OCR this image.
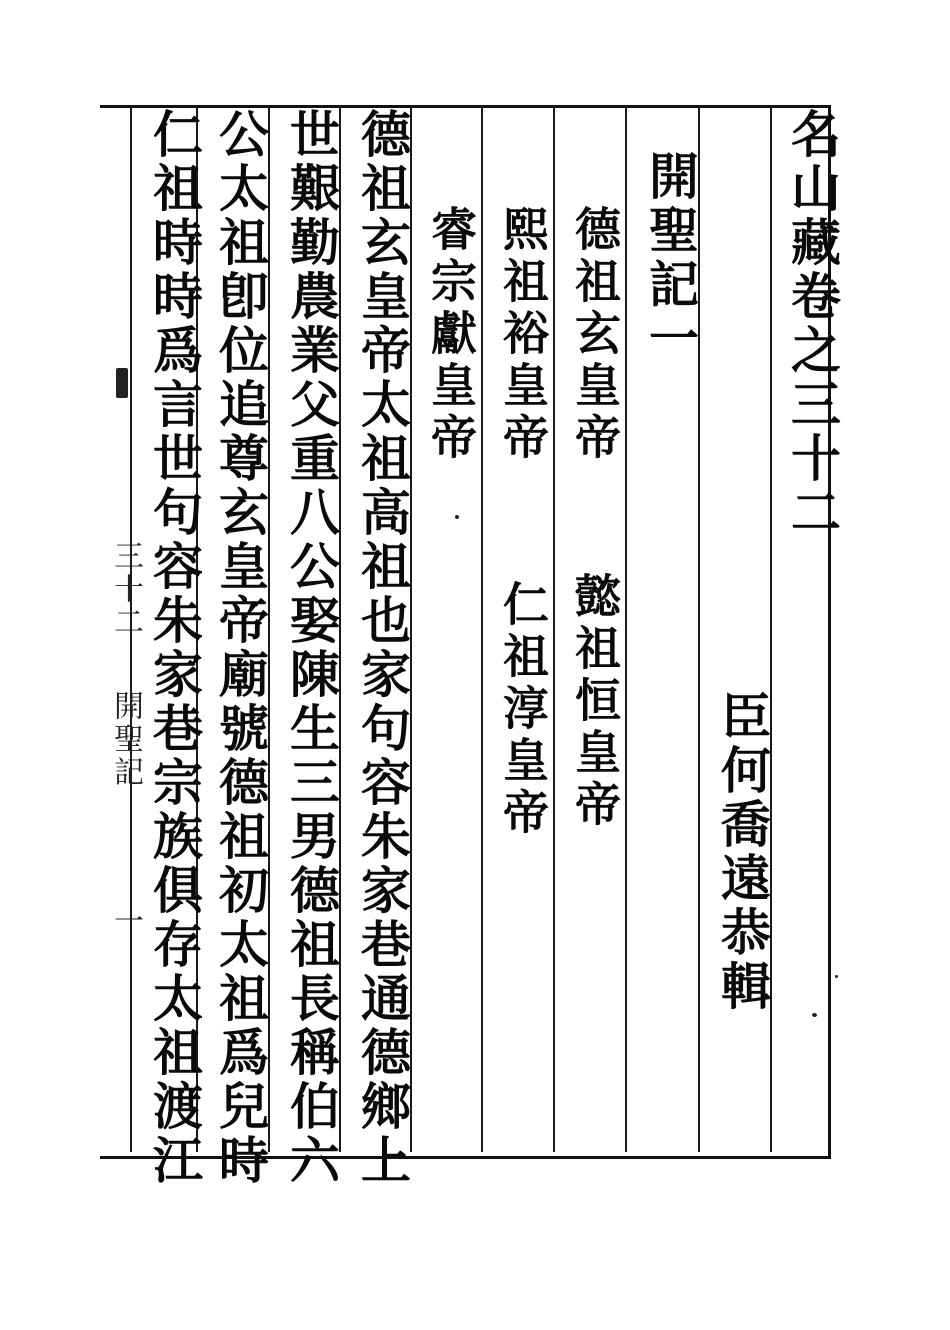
名山藏卷之三十二
臣何喬遠恭輯
開聖記一
德祖玄皇帝
懿祖恒皇帝
熙祖裕皇帝
仁祖淳皇帝
睿宗獻皇帝
德祖玄皇帝太祖高祖也家句容朱家巷通德鄉上
世艱勤農業父重八公娶陳生三男德祖長稱伯六
公太祖卽位追尊玄皇帝廟號德祖初太祖爲兒時
仁祖時時爲言世句容朱家巷宗族俱存太祖渡江
三十二
開聖記
一
